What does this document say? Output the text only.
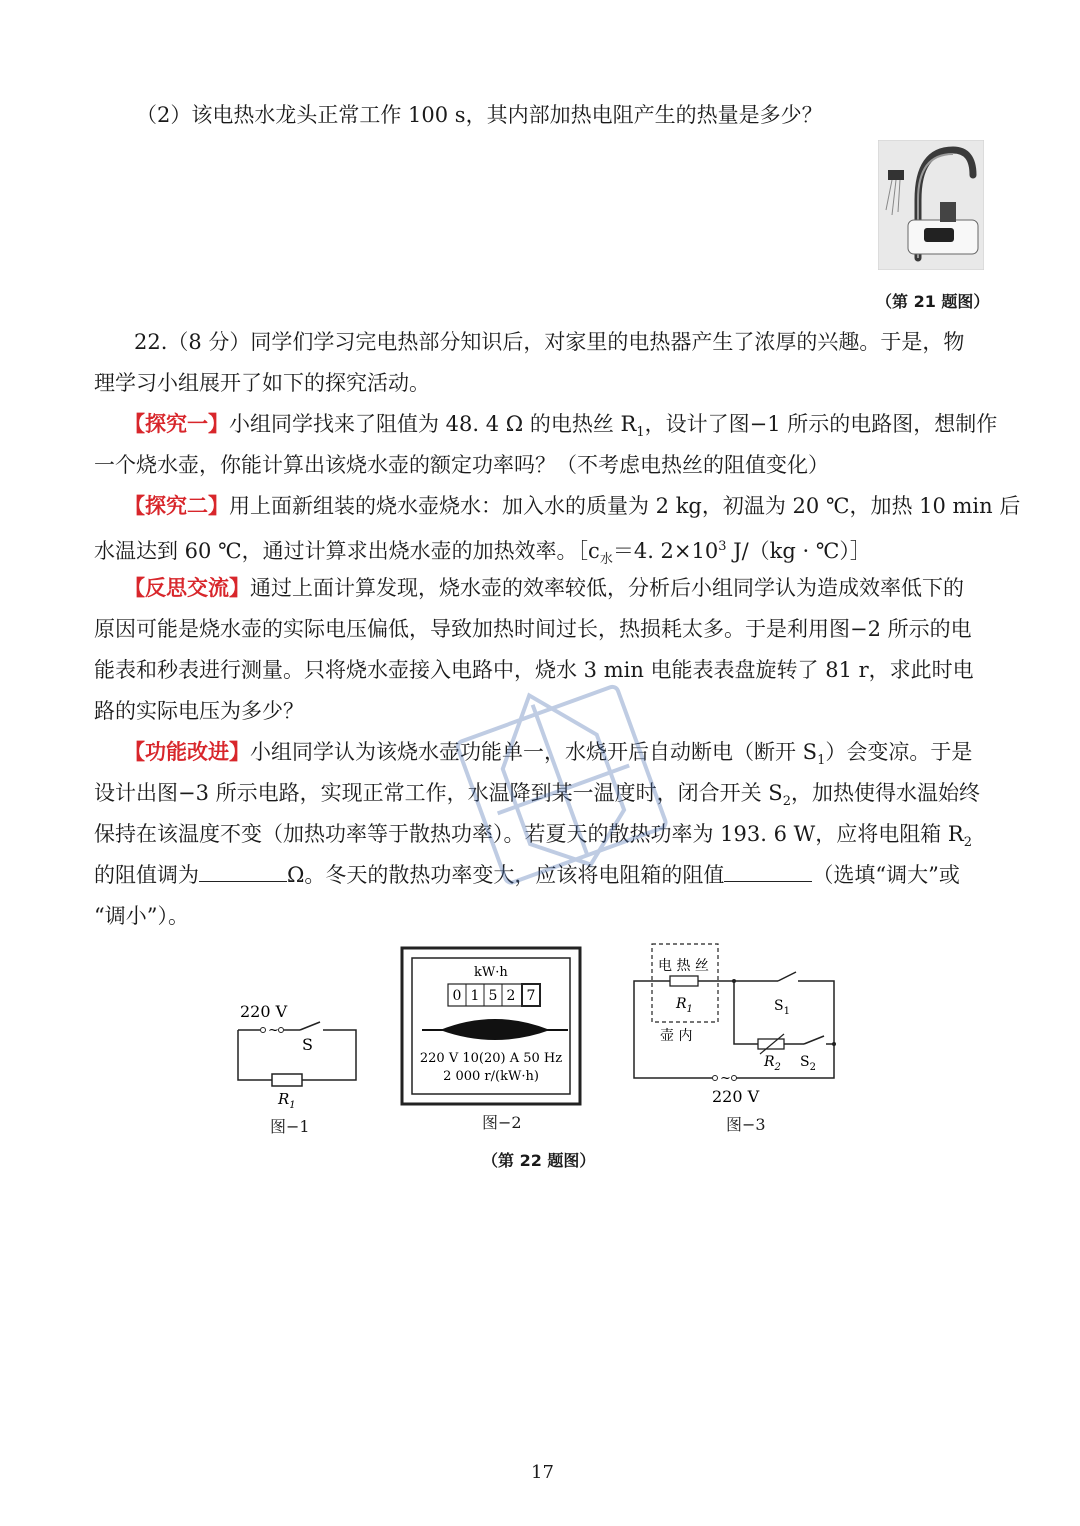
（2）该电热水龙头正常工作 100 s，其内部加热电阻产生的热量是多少？
（第 21 题图）
22.（8 分）同学们学习完电热部分知识后，对家里的电热器产生了浓厚的兴趣。于是，物
理学习小组展开了如下的探究活动。
【探究一】小组同学找来了阻值为 48. 4 Ω 的电热丝 $R_1$，设计了图−1 所示的电路图，想制作
一个烧水壶，你能计算出该烧水壶的额定功率吗？（不考虑电热丝的阻值变化）
【探究二】用上面新组装的烧水壶烧水：加入水的质量为 2 kg，初温为 20 ℃，加热 10 min 后
水温达到 60 ℃，通过计算求出烧水壶的加热效率。$[c_水=4$. $2\times 10^3$ J/（kg · ℃）］
【反思交流】通过上面计算发现，烧水壶的效率较低，分析后小组同学认为造成效率低下的
原因可能是烧水壶的实际电压偏低，导致加热时间过长，热损耗太多。于是利用图−2 所示的电
能表和秒表进行测量。只将烧水壶接入电路中，烧水 3 min 电能表表盘旋转了 81 r，求此时电
路的实际电压为多少？
【功能改进】小组同学认为该烧水壶功能单一，水烧开后自动断电（断开 $S_1$）会变凉。于是
设计出图−3 所示电路，实现正常工作，水温降到某一温度时，闭合开关 $S_2$，加热使得水温始终
保持在该温度不变（加热功率等于散热功率）。若夏天的散热功率为 193. 6 W，应将电阻箱 $R_2$
的阻值调为	Ω。冬天的散热功率变大，应该将电阻箱的阻值	（选填“调大”或
“调小”）。
220 V
~
S
$R_1$
图−1
kW·h
0 1 5 2 7
220 V 10(20) A 50 Hz
2 000 r/(kW·h)
图−2
电 热 丝
$R_1$
壶 内
$S_1$
$R_2$ $S_2$
~
220 V
图−3
（第 22 题图）
17
